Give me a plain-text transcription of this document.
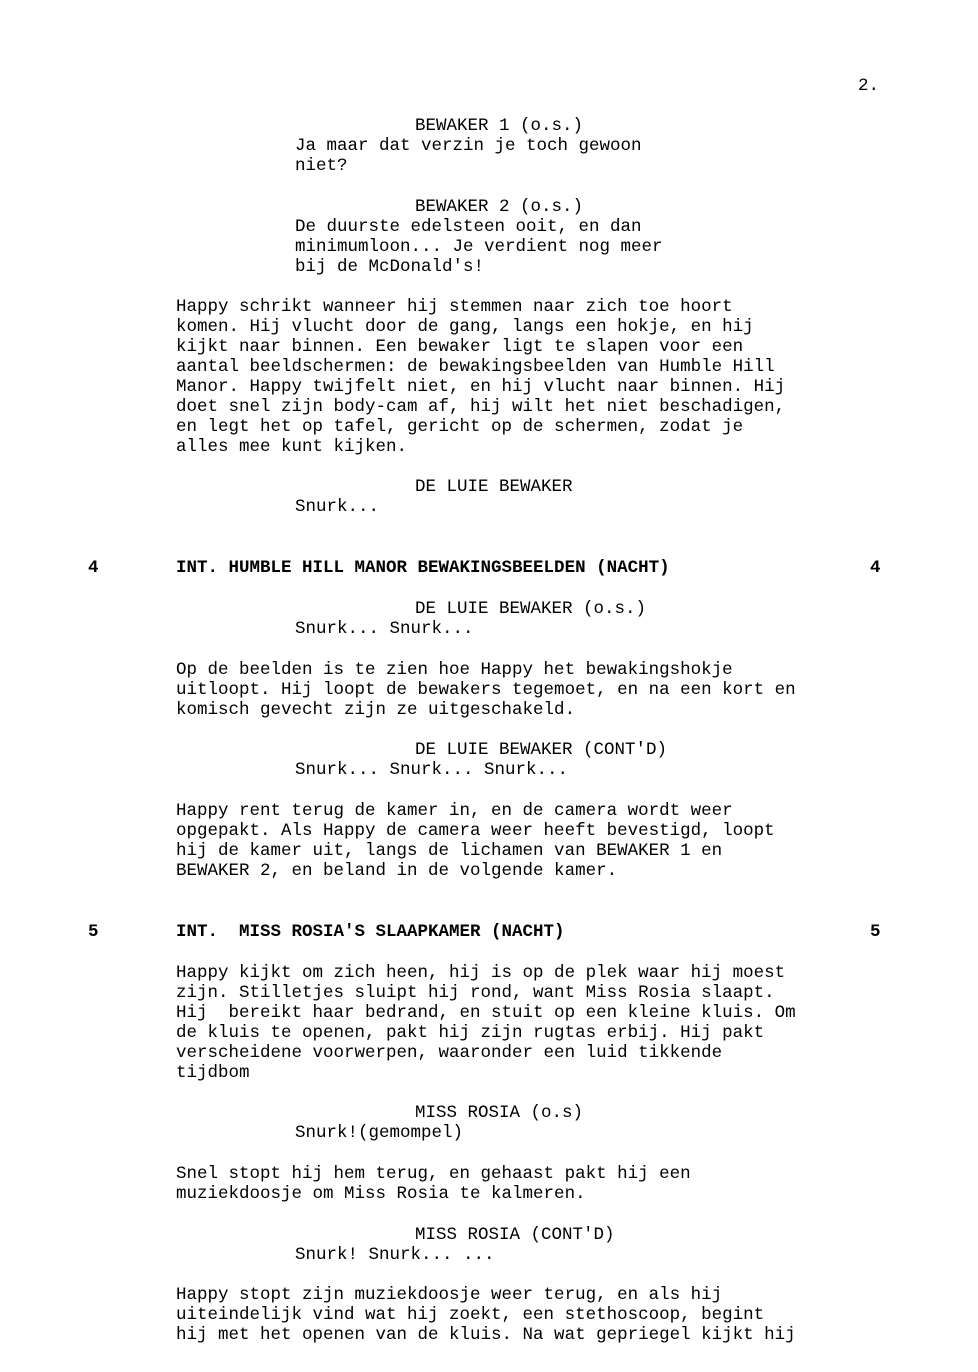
2.
BEWAKER 1 (o.s.)
Ja maar dat verzin je toch gewoon
niet?
BEWAKER 2 (o.s.)
De duurste edelsteen ooit, en dan
minimumloon... Je verdient nog meer
bij de McDonald's!
Happy schrikt wanneer hij stemmen naar zich toe hoort
komen. Hij vlucht door de gang, langs een hokje, en hij
kijkt naar binnen. Een bewaker ligt te slapen voor een
aantal beeldschermen: de bewakingsbeelden van Humble Hill
Manor. Happy twijfelt niet, en hij vlucht naar binnen. Hij
doet snel zijn body-cam af, hij wilt het niet beschadigen,
en legt het op tafel, gericht op de schermen, zodat je
alles mee kunt kijken.
DE LUIE BEWAKER
Snurk...
4	INT. HUMBLE HILL MANOR BEWAKINGSBEELDEN (NACHT)	4
DE LUIE BEWAKER (o.s.)
Snurk... Snurk...
Op de beelden is te zien hoe Happy het bewakingshokje
uitloopt. Hij loopt de bewakers tegemoet, en na een kort en
komisch gevecht zijn ze uitgeschakeld.
DE LUIE BEWAKER (CONT'D)
Snurk... Snurk... Snurk...
Happy rent terug de kamer in, en de camera wordt weer
opgepakt. Als Happy de camera weer heeft bevestigd, loopt
hij de kamer uit, langs de lichamen van BEWAKER 1 en
BEWAKER 2, en beland in de volgende kamer.
5	INT.  MISS ROSIA'S SLAAPKAMER (NACHT)	5
Happy kijkt om zich heen, hij is op de plek waar hij moest
zijn. Stilletjes sluipt hij rond, want Miss Rosia slaapt.
Hij  bereikt haar bedrand, en stuit op een kleine kluis. Om
de kluis te openen, pakt hij zijn rugtas erbij. Hij pakt
verscheidene voorwerpen, waaronder een luid tikkende
tijdbom
MISS ROSIA (o.s)
Snurk!(gemompel)
Snel stopt hij hem terug, en gehaast pakt hij een
muziekdoosje om Miss Rosia te kalmeren.
MISS ROSIA (CONT'D)
Snurk! Snurk... ...
Happy stopt zijn muziekdoosje weer terug, en als hij
uiteindelijk vind wat hij zoekt, een stethoscoop, begint
hij met het openen van de kluis. Na wat gepriegel kijkt hij
